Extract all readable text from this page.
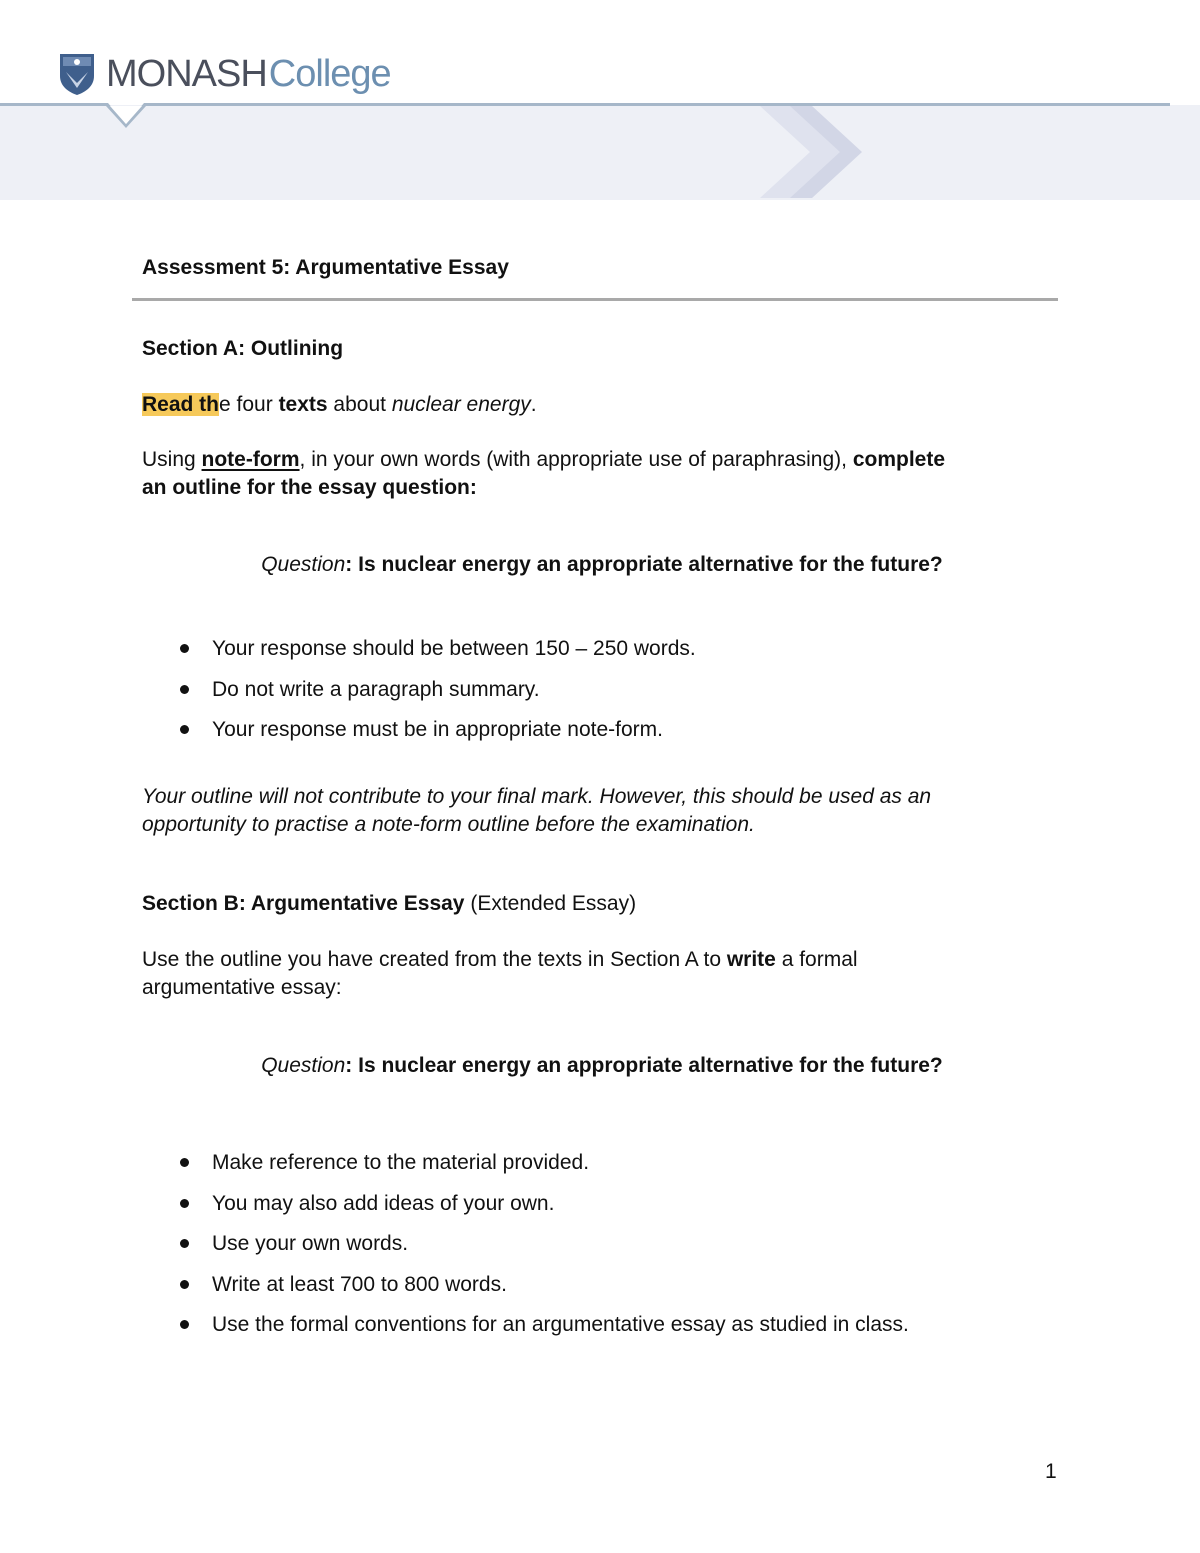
MONASHCollege
Assessment 5: Argumentative Essay
Section A: Outlining
Read the four texts about nuclear energy.
Using note-form, in your own words (with appropriate use of paraphrasing), complete
an outline for the essay question:
Question: Is nuclear energy an appropriate alternative for the future?
Your response should be between 150 – 250 words.
Do not write a paragraph summary.
Your response must be in appropriate note-form.
Your outline will not contribute to your final mark. However, this should be used as an
opportunity to practise a note-form outline before the examination.
Section B: Argumentative Essay (Extended Essay)
Use the outline you have created from the texts in Section A to write a formal
argumentative essay:
Question: Is nuclear energy an appropriate alternative for the future?
Make reference to the material provided.
You may also add ideas of your own.
Use your own words.
Write at least 700 to 800 words.
Use the formal conventions for an argumentative essay as studied in class.
1
